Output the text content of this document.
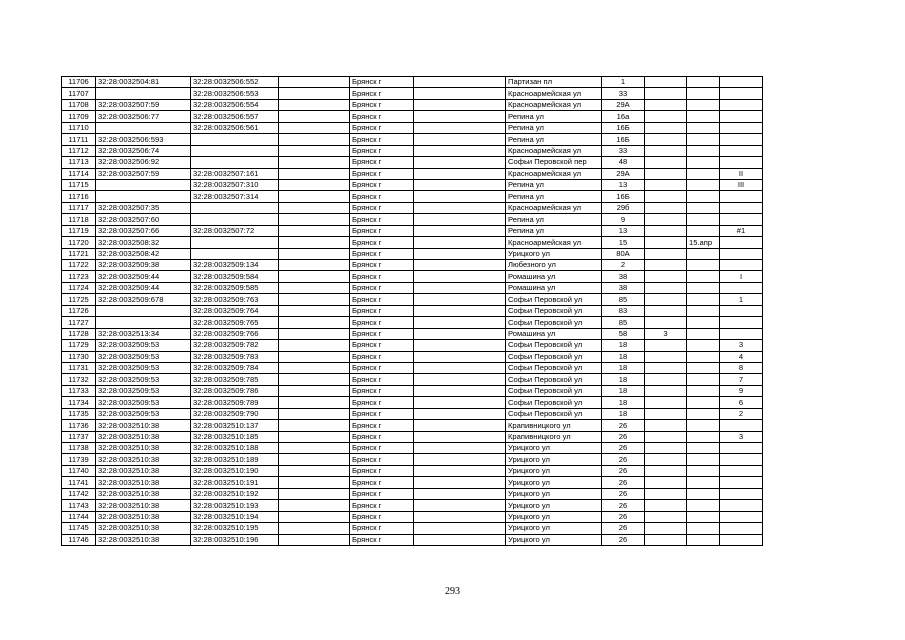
11706	32:28:0032504:81	32:28:0032506:552		Брянск г		Партизан пл	1			
11707		32:28:0032506:553		Брянск г		Красноармейская ул	33			
11708	32:28:0032507:59	32:28:0032506:554		Брянск г		Красноармейская ул	29А			
11709	32:28:0032506:77	32:28:0032506:557		Брянск г		Репина ул	16а			
11710		32:28:0032506:561		Брянск г		Репина ул	16Б			
11711	32:28:0032506:593			Брянск г		Репина ул	16Б			
11712	32:28:0032506:74			Брянск г		Красноармейская ул	33			
11713	32:28:0032506:92			Брянск г		Софьи Перовской пер	48			
11714	32:28:0032507:59	32:28:0032507:161		Брянск г		Красноармейская ул	29А			II
11715		32:28:0032507:310		Брянск г		Репина ул	13			III
11716		32:28:0032507:314		Брянск г		Репина ул	16Б			
11717	32:28:0032507:35			Брянск г		Красноармейская ул	29б			
11718	32:28:0032507:60			Брянск г		Репина ул	9			
11719	32:28:0032507:66	32:28:0032507:72		Брянск г		Репина ул	13			#1
11720	32:28:0032508:32			Брянск г		Красноармейская ул	15		15.апр	
11721	32:28:0032508:42			Брянск г		Урицкого ул	80А			
11722	32:28:0032509:38	32:28:0032509:134		Брянск г		Любезного ул	2			
11723	32:28:0032509:44	32:28:0032509:584		Брянск г		Ромашина ул	38			I
11724	32:28:0032509:44	32:28:0032509:585		Брянск г		Ромашина ул	38			
11725	32:28:0032509:678	32:28:0032509:763		Брянск г		Софьи Перовской ул	85			1
11726		32:28:0032509:764		Брянск г		Софьи Перовской ул	83			
11727		32:28:0032509:765		Брянск г		Софьи Перовской ул	85			
11728	32:28:0032513:34	32:28:0032509:766		Брянск г		Ромашина ул	58	3		
11729	32:28:0032509:53	32:28:0032509:782		Брянск г		Софьи Перовской ул	18			3
11730	32:28:0032509:53	32:28:0032509:783		Брянск г		Софьи Перовской ул	18			4
11731	32:28:0032509:53	32:28:0032509:784		Брянск г		Софьи Перовской ул	18			8
11732	32:28:0032509:53	32:28:0032509:785		Брянск г		Софьи Перовской ул	18			7
11733	32:28:0032509:53	32:28:0032509:786		Брянск г		Софьи Перовской ул	18			9
11734	32:28:0032509:53	32:28:0032509:789		Брянск г		Софьи Перовской ул	18			6
11735	32:28:0032509:53	32:28:0032509:790		Брянск г		Софьи Перовской ул	18			2
11736	32:28:0032510:38	32:28:0032510:137		Брянск г		Крапивницкого ул	26			
11737	32:28:0032510:38	32:28:0032510:185		Брянск г		Крапивницкого ул	26			3
11738	32:28:0032510:38	32:28:0032510:188		Брянск г		Урицкого ул	26			
11739	32:28:0032510:38	32:28:0032510:189		Брянск г		Урицкого ул	26			
11740	32:28:0032510:38	32:28:0032510:190		Брянск г		Урицкого ул	26			
11741	32:28:0032510:38	32:28:0032510:191		Брянск г		Урицкого ул	26			
11742	32:28:0032510:38	32:28:0032510:192		Брянск г		Урицкого ул	26			
11743	32:28:0032510:38	32:28:0032510:193		Брянск г		Урицкого ул	26			
11744	32:28:0032510:38	32:28:0032510:194		Брянск г		Урицкого ул	26			
11745	32:28:0032510:38	32:28:0032510:195		Брянск г		Урицкого ул	26			
11746	32:28:0032510:38	32:28:0032510:196		Брянск г		Урицкого ул	26			
293
